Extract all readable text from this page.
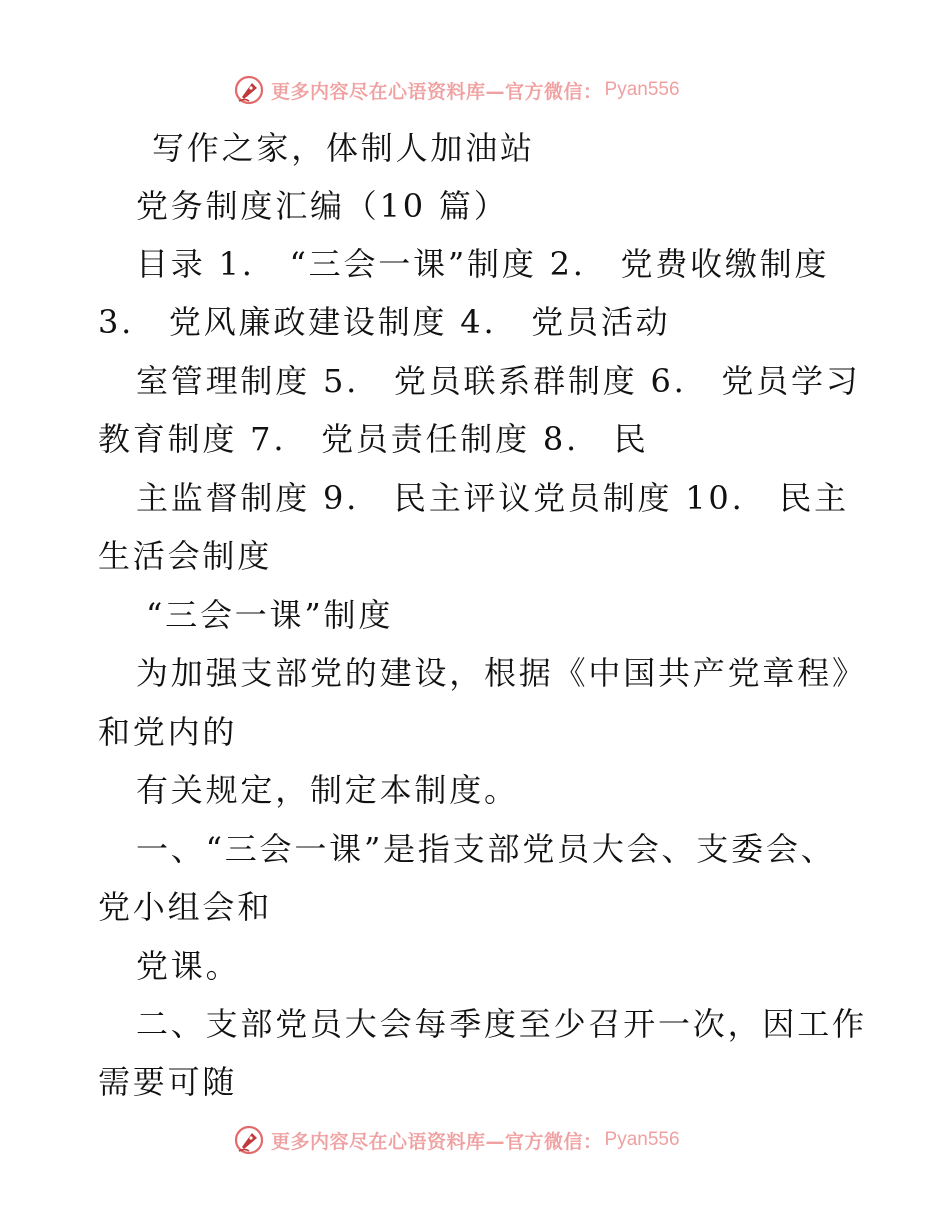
更多内容尽在心语资料库—官方微信： Pyan556
写作之家，体制人加油站
党务制度汇编（10 篇）
目录 1.　“三会一课”制度 2.　党费收缴制度
3.　党风廉政建设制度 4.　党员活动
室管理制度 5.　党员联系群制度 6.　党员学习
教育制度 7.　党员责任制度 8.　民
主监督制度 9.　民主评议党员制度 10.　民主
生活会制度
“三会一课”制度
为加强支部党的建设，根据《中国共产党章程》
和党内的
有关规定，制定本制度。
一、“三会一课”是指支部党员大会、支委会、
党小组会和
党课。
二、支部党员大会每季度至少召开一次，因工作
需要可随
更多内容尽在心语资料库—官方微信： Pyan556
